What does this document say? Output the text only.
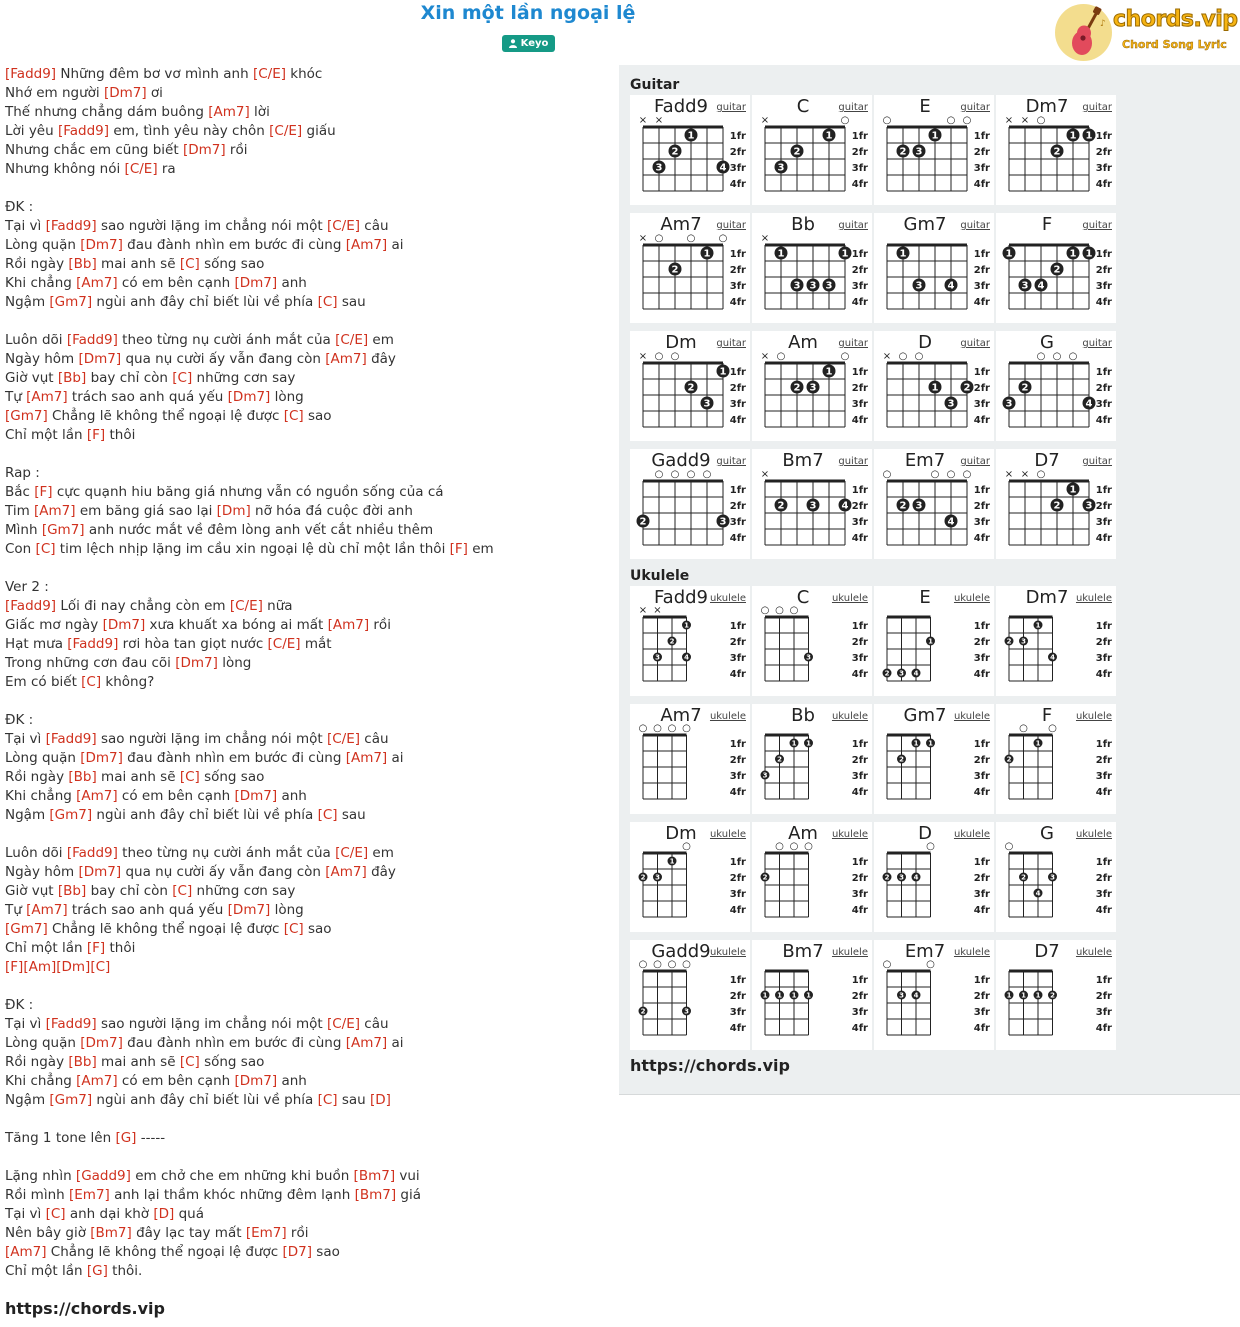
Xin một lần ngoại lệ
Keyo
♪ chords.vip
Chord Song Lyric
[Fadd9] Những đêm bơ vơ mình anh [C/E] khóc
Nhớ em người [Dm7] ơi
Thế nhưng chẳng dám buông [Am7] lời
Lời yêu [Fadd9] em, tình yêu này chôn [C/E] giấu
Nhưng chắc em cũng biết [Dm7] rồi
Nhưng không nói [C/E] ra
ĐK :
Tại vì [Fadd9] sao người lặng im chẳng nói một [C/E] câu
Lòng quặn [Dm7] đau đành nhìn em bước đi cùng [Am7] ai
Rồi ngày [Bb] mai anh sẽ [C] sống sao
Khi chẳng [Am7] có em bên cạnh [Dm7] anh
Ngậm [Gm7] ngùi anh đây chỉ biết lùi về phía [C] sau
Luôn dõi [Fadd9] theo từng nụ cười ánh mắt của [C/E] em
Ngày hôm [Dm7] qua nụ cười ấy vẫn đang còn [Am7] đây
Giờ vụt [Bb] bay chỉ còn [C] những cơn say
Tự [Am7] trách sao anh quá yếu [Dm7] lòng
[Gm7] Chẳng lẽ không thể ngoại lệ được [C] sao
Chỉ một lần [F] thôi
Rap :
Bắc [F] cực quạnh hiu băng giá nhưng vẫn có nguồn sống của cá
Tim [Am7] em băng giá sao lại [Dm] nỡ hóa đá cuộc đời anh
Mình [Gm7] anh nước mắt về đêm lòng anh vết cắt nhiều thêm
Con [C] tim lệch nhịp lặng im cầu xin ngoại lệ dù chỉ một lần thôi [F] em
Ver 2 :
[Fadd9] Lối đi nay chẳng còn em [C/E] nữa
Giấc mơ ngày [Dm7] xưa khuất xa bóng ai mất [Am7] rồi
Hạt mưa [Fadd9] rơi hòa tan giọt nước [C/E] mắt
Trong những cơn đau cõi [Dm7] lòng
Em có biết [C] không?
ĐK :
Tại vì [Fadd9] sao người lặng im chẳng nói một [C/E] câu
Lòng quặn [Dm7] đau đành nhìn em bước đi cùng [Am7] ai
Rồi ngày [Bb] mai anh sẽ [C] sống sao
Khi chẳng [Am7] có em bên cạnh [Dm7] anh
Ngậm [Gm7] ngùi anh đây chỉ biết lùi về phía [C] sau
Luôn dõi [Fadd9] theo từng nụ cười ánh mắt của [C/E] em
Ngày hôm [Dm7] qua nụ cười ấy vẫn đang còn [Am7] đây
Giờ vụt [Bb] bay chỉ còn [C] những cơn say
Tự [Am7] trách sao anh quá yếu [Dm7] lòng
[Gm7] Chẳng lẽ không thể ngoại lệ được [C] sao
Chỉ một lần [F] thôi
[F][Am][Dm][C]
ĐK :
Tại vì [Fadd9] sao người lặng im chẳng nói một [C/E] câu
Lòng quặn [Dm7] đau đành nhìn em bước đi cùng [Am7] ai
Rồi ngày [Bb] mai anh sẽ [C] sống sao
Khi chẳng [Am7] có em bên cạnh [Dm7] anh
Ngậm [Gm7] ngùi anh đây chỉ biết lùi về phía [C] sau [D]
Tăng 1 tone lên [G] -----
Lặng nhìn [Gadd9] em chở che em những khi buồn [Bm7] vui
Rồi mình [Em7] anh lại thầm khóc những đêm lạnh [Bm7] giá
Tại vì [C] anh dại khờ [D] quá
Nên bây giờ [Bm7] đây lạc tay mất [Em7] rồi
[Am7] Chẳng lẽ không thể ngoại lệ được [D7] sao
Chỉ một lần [G] thôi.
https://chords.vip
Guitar
× ×
1
2
3	4
1fr
2fr
3fr
4fr
Fadd9 guitar
×	○
1
2
3
1fr
2fr
3fr
4fr
C	guitar
○	○ ○
1
2 3
1fr
2fr
3fr
4fr
E	guitar
× × ○
1 1
2
1fr
2fr
3fr
4fr
Dm7	guitar
× ○ ○ ○
1
2
1fr
2fr
3fr
4fr
Am7	guitar
×
1	1
3 3 3
1fr
2fr
3fr
4fr
Bb	guitar
1
3	4
1fr
2fr
3fr
4fr
Gm7	guitar
1	1 1
2
3 4
1fr
2fr
3fr
4fr
F	guitar
× ○ ○
1
2
3
1fr
2fr
3fr
4fr
Dm	guitar
× ○	○
1
2 3
1fr
2fr
3fr
4fr
Am	guitar
× ○ ○
1	2
3
1fr
2fr
3fr
4fr
D	guitar
○ ○ ○
2
3	4
1fr
2fr
3fr
4fr
G	guitar
○ ○ ○ ○
2	3
1fr
2fr
3fr
4fr
Gadd9 guitar
×
2	3	4
1fr
2fr
3fr
4fr
Bm7	guitar
○	○ ○ ○
2 3
4
1fr
2fr
3fr
4fr
Em7	guitar
× × ○
1
2	3
1fr
2fr
3fr
4fr
D7	guitar
Ukulele
× ×
1
2
3	4
1fr
2fr
3fr
4fr
Fadd9 ukulele
○ ○ ○
3
1fr
2fr
3fr
4fr
C	ukulele
1
2 3 4
1fr
2fr
3fr
4fr
E	ukulele
1
2 3
4
1fr
2fr
3fr
4fr
Dm7 ukulele
○ ○ ○ ○
1fr
2fr
3fr
4fr
Am7 ukulele
1 1
2
3
1fr
2fr
3fr
4fr
Bb	ukulele
1 1
2
1fr
2fr
3fr
4fr
Gm7 ukulele
○ ○
1
2
1fr
2fr
3fr
4fr
F	ukulele
○
1
2 3
1fr
2fr
3fr
4fr
Dm	ukulele
○ ○ ○
2
1fr
2fr
3fr
4fr
Am	ukulele
○
2 3 4
1fr
2fr
3fr
4fr
D	ukulele
○
2	3
4
1fr
2fr
3fr
4fr
G	ukulele
○ ○ ○ ○
2	3
1fr
2fr
3fr
4fr
Gadd9 ukulele
1 1 1 1
1fr
2fr
3fr
4fr
Bm7 ukulele
○	○
3 4
1fr
2fr
3fr
4fr
Em7 ukulele
1 1 1 2
1fr
2fr
3fr
4fr
D7	ukulele
https://chords.vip
